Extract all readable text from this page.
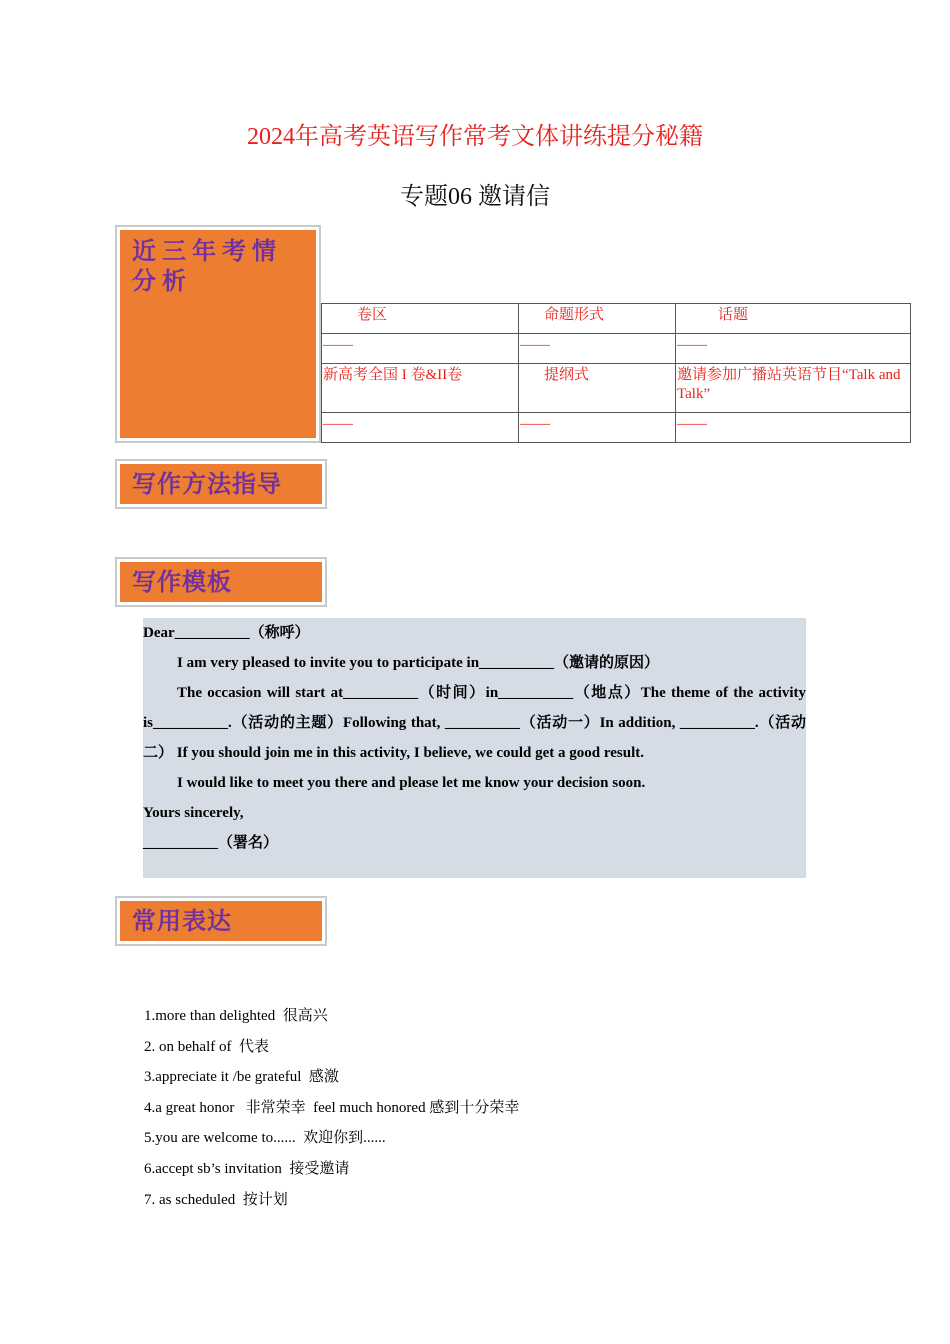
2024年高考英语写作常考文体讲练提分秘籍
专题06 邀请信
近三年考情分析
卷区	命题形式	话题
——	——	——
新高考全国 I 卷&II卷	提纲式	邀请参加广播站英语节目“Talk and Talk”
——	——	——
写作方法指导
写作模板

Dear__________（称呼）

I am very pleased to invite you to participate in__________（邀请的原因）

The occasion will start at__________（时间）in__________（地点）The theme of the activity is__________.（活动的主题）Following that, __________（活动一）In addition, __________.（活动二） If you should join me in this activity, I believe, we could get a good result.

I would like to meet you there and please let me know your decision soon.

Yours sincerely,

__________（署名）

常用表达
1.more than delighted  很高兴
2. on behalf of  代表
3.appreciate it /be grateful  感激
4.a great honor   非常荣幸  feel much honored 感到十分荣幸
5.you are welcome to......  欢迎你到......
6.accept sb’s invitation  接受邀请
7. as scheduled  按计划
